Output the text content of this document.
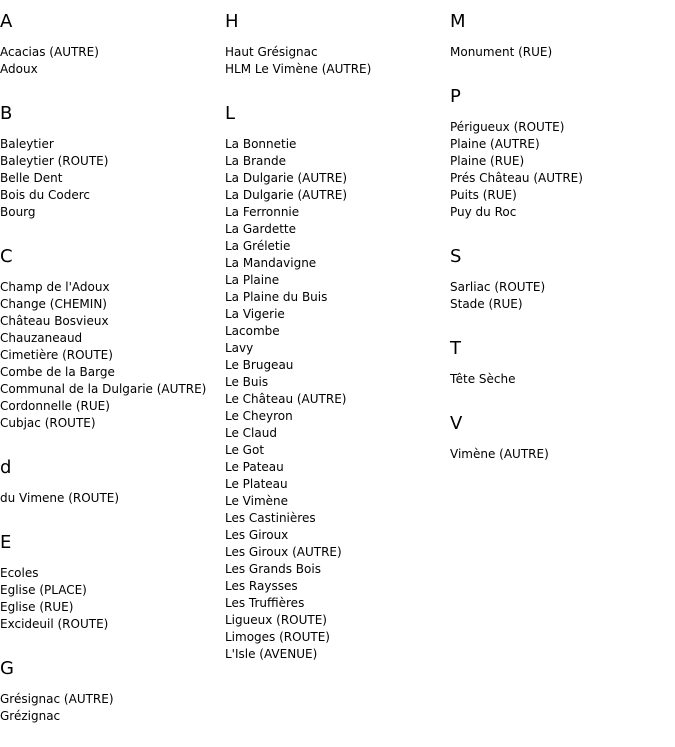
A
Acacias (AUTRE)
Adoux
B
Baleytier
Baleytier (ROUTE)
Belle Dent
Bois du Coderc
Bourg
C
Champ de l'Adoux
Change (CHEMIN)
Château Bosvieux
Chauzaneaud
Cimetière (ROUTE)
Combe de la Barge
Communal de la Dulgarie (AUTRE)
Cordonnelle (RUE)
Cubjac (ROUTE)
d
du Vimene (ROUTE)
E
Ecoles
Eglise (PLACE)
Eglise (RUE)
Excideuil (ROUTE)
G
Grésignac (AUTRE)
Grézignac
H
Haut Grésignac
HLM Le Vimène (AUTRE)
L
La Bonnetie
La Brande
La Dulgarie (AUTRE)
La Dulgarie (AUTRE)
La Ferronnie
La Gardette
La Gréletie
La Mandavigne
La Plaine
La Plaine du Buis
La Vigerie
Lacombe
Lavy
Le Brugeau
Le Buis
Le Château (AUTRE)
Le Cheyron
Le Claud
Le Got
Le Pateau
Le Plateau
Le Vimène
Les Castinières
Les Giroux
Les Giroux (AUTRE)
Les Grands Bois
Les Raysses
Les Truffières
Ligueux (ROUTE)
Limoges (ROUTE)
L'Isle (AVENUE)
M
Monument (RUE)
P
Périgueux (ROUTE)
Plaine (AUTRE)
Plaine (RUE)
Prés Château (AUTRE)
Puits (RUE)
Puy du Roc
S
Sarliac (ROUTE)
Stade (RUE)
T
Tête Sèche
V
Vimène (AUTRE)
